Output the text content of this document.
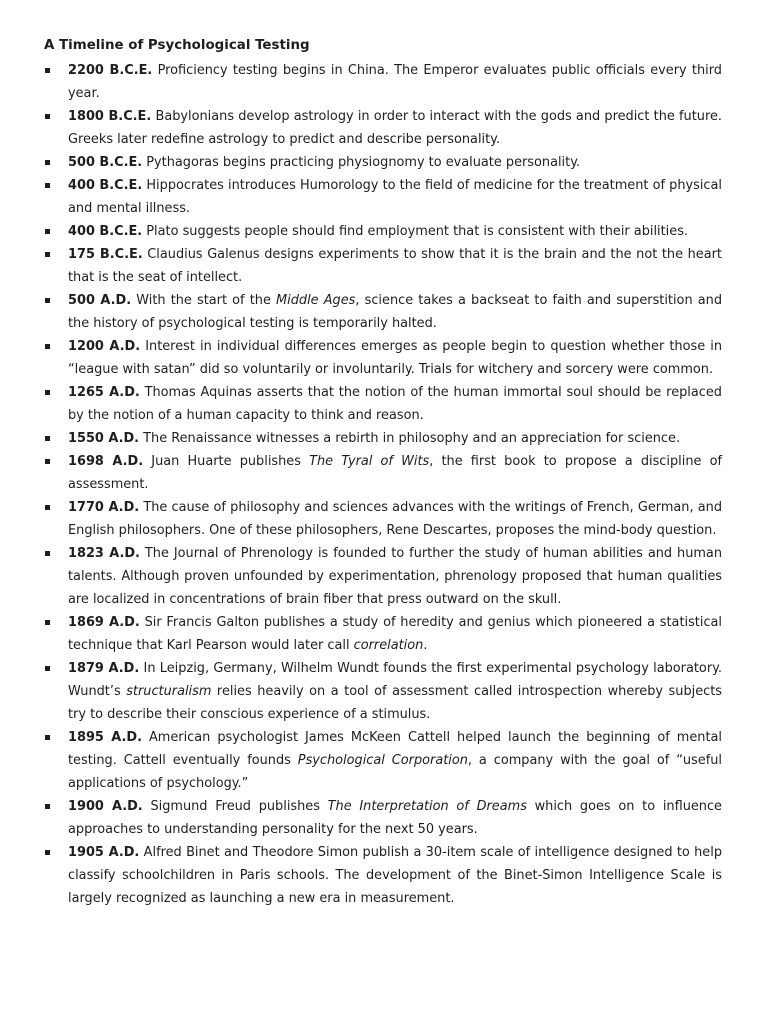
A Timeline of Psychological Testing
2200 B.C.E. Proficiency testing begins in China. The Emperor evaluates public officials every third year.
1800 B.C.E. Babylonians develop astrology in order to interact with the gods and predict the future. Greeks later redefine astrology to predict and describe personality.
500 B.C.E. Pythagoras begins practicing physiognomy to evaluate personality.
400 B.C.E. Hippocrates introduces Humorology to the field of medicine for the treatment of physical and mental illness.
400 B.C.E. Plato suggests people should find employment that is consistent with their abilities.
175 B.C.E. Claudius Galenus designs experiments to show that it is the brain and the not the heart that is the seat of intellect.
500 A.D. With the start of the Middle Ages, science takes a backseat to faith and superstition and the history of psychological testing is temporarily halted.
1200 A.D. Interest in individual differences emerges as people begin to question whether those in “league with satan” did so voluntarily or involuntarily. Trials for witchery and sorcery were common.
1265 A.D. Thomas Aquinas asserts that the notion of the human immortal soul should be replaced by the notion of a human capacity to think and reason.
1550 A.D. The Renaissance witnesses a rebirth in philosophy and an appreciation for science.
1698 A.D. Juan Huarte publishes The Tyral of Wits, the first book to propose a discipline of assessment.
1770 A.D. The cause of philosophy and sciences advances with the writings of French, German, and English philosophers. One of these philosophers, Rene Descartes, proposes the mind-body question.
1823 A.D. The Journal of Phrenology is founded to further the study of human abilities and human talents. Although proven unfounded by experimentation, phrenology proposed that human qualities are localized in concentrations of brain fiber that press outward on the skull.
1869 A.D. Sir Francis Galton publishes a study of heredity and genius which pioneered a statistical technique that Karl Pearson would later call correlation.
1879 A.D. In Leipzig, Germany, Wilhelm Wundt founds the first experimental psychology laboratory. Wundt’s structuralism relies heavily on a tool of assessment called introspection whereby subjects try to describe their conscious experience of a stimulus.
1895 A.D. American psychologist James McKeen Cattell helped launch the beginning of mental testing. Cattell eventually founds Psychological Corporation, a company with the goal of “useful applications of psychology.”
1900 A.D. Sigmund Freud publishes The Interpretation of Dreams which goes on to influence approaches to understanding personality for the next 50 years.
1905 A.D. Alfred Binet and Theodore Simon publish a 30-item scale of intelligence designed to help classify schoolchildren in Paris schools. The development of the Binet-Simon Intelligence Scale is largely recognized as launching a new era in measurement.
